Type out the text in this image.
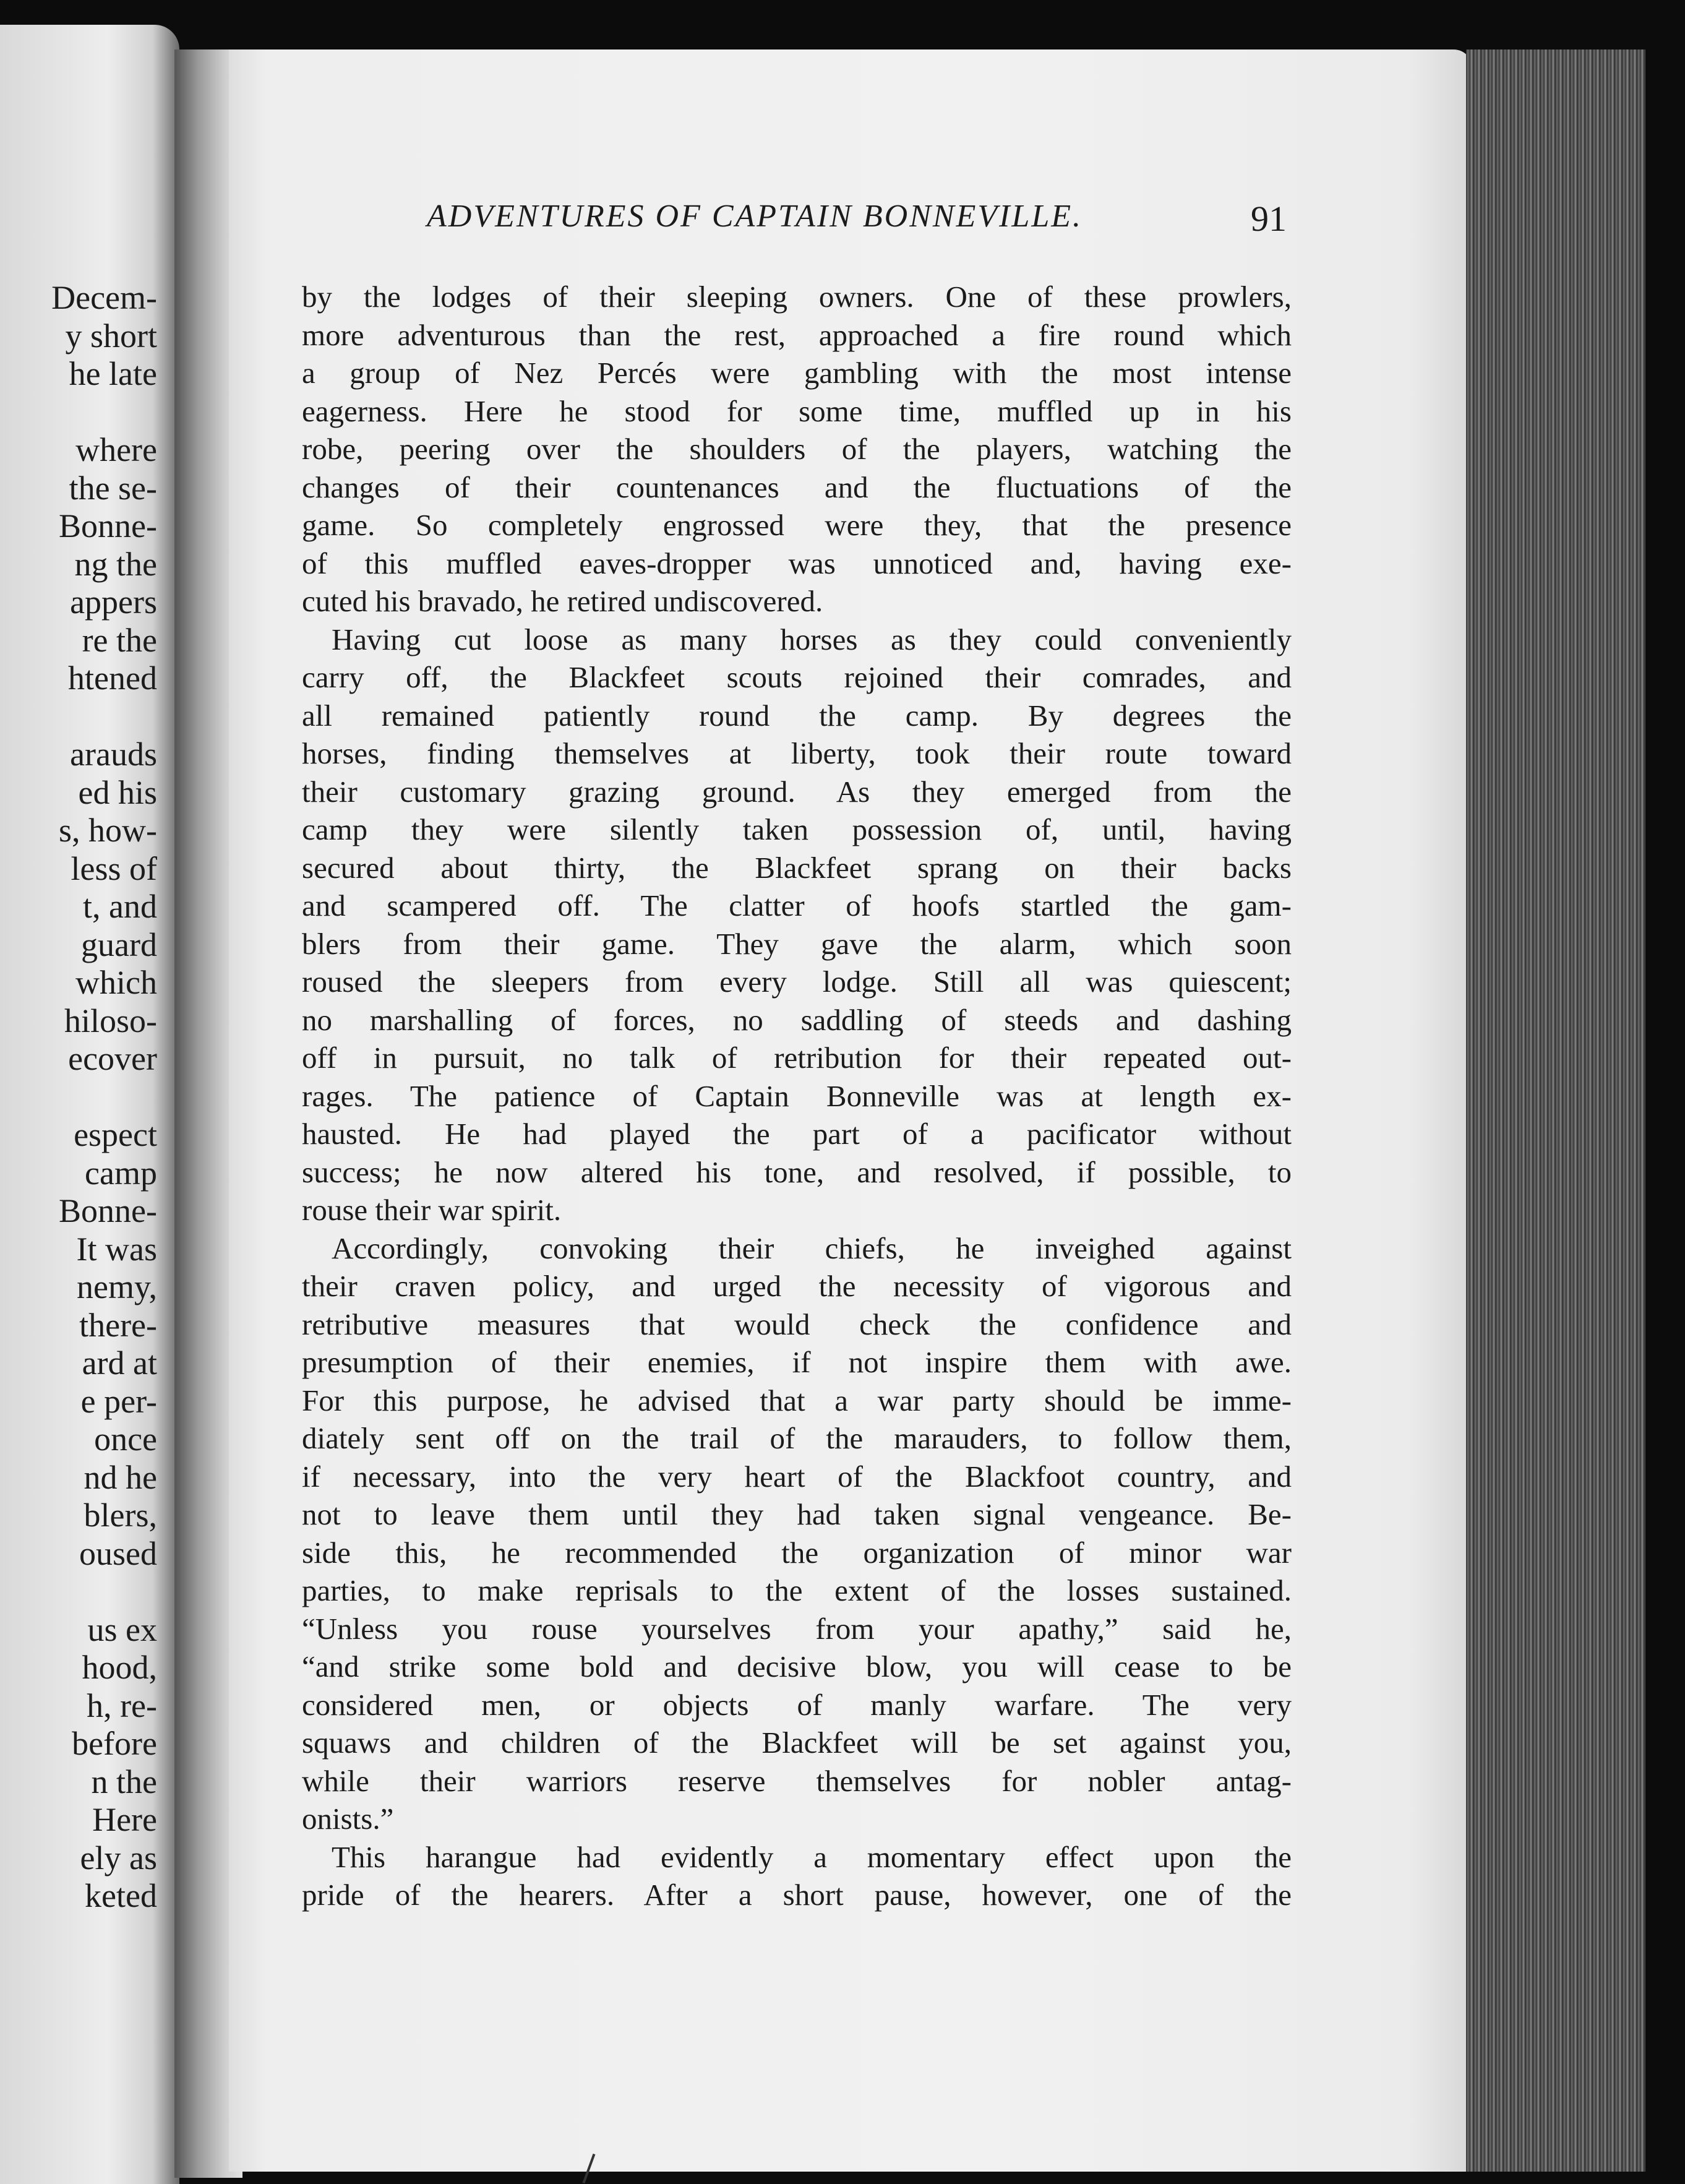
Decem-
y short
he late
where
the se-
Bonne-
ng the
appers
re the
htened
arauds
ed his
s, how-
less of
t, and
guard
which
hiloso-
ecover
espect
camp
Bonne-
It was
nemy,
there-
ard at
e per-
once
nd he
blers,
oused
us ex
hood,
h, re-
before
n the
Here
ely as
keted
ADVENTURES OF CAPTAIN BONNEVILLE.	91
by the lodges of their sleeping owners. One of these prowlers,
more adventurous than the rest, approached a fire round which
a group of Nez Percés were gambling with the most intense
eagerness. Here he stood for some time, muffled up in his
robe, peering over the shoulders of the players, watching the
changes of their countenances and the fluctuations of the
game. So completely engrossed were they, that the presence
of this muffled eaves-dropper was unnoticed and, having exe-
cuted his bravado, he retired undiscovered.
Having cut loose as many horses as they could conveniently
carry off, the Blackfeet scouts rejoined their comrades, and
all remained patiently round the camp. By degrees the
horses, finding themselves at liberty, took their route toward
their customary grazing ground. As they emerged from the
camp they were silently taken possession of, until, having
secured about thirty, the Blackfeet sprang on their backs
and scampered off. The clatter of hoofs startled the gam-
blers from their game. They gave the alarm, which soon
roused the sleepers from every lodge. Still all was quiescent;
no marshalling of forces, no saddling of steeds and dashing
off in pursuit, no talk of retribution for their repeated out-
rages. The patience of Captain Bonneville was at length ex-
hausted. He had played the part of a pacificator without
success; he now altered his tone, and resolved, if possible, to
rouse their war spirit.
Accordingly, convoking their chiefs, he inveighed against
their craven policy, and urged the necessity of vigorous and
retributive measures that would check the confidence and
presumption of their enemies, if not inspire them with awe.
For this purpose, he advised that a war party should be imme-
diately sent off on the trail of the marauders, to follow them,
if necessary, into the very heart of the Blackfoot country, and
not to leave them until they had taken signal vengeance. Be-
side this, he recommended the organization of minor war
parties, to make reprisals to the extent of the losses sustained.
“Unless you rouse yourselves from your apathy,” said he,
“and strike some bold and decisive blow, you will cease to be
considered men, or objects of manly warfare. The very
squaws and children of the Blackfeet will be set against you,
while their warriors reserve themselves for nobler antag-
onists.”
This harangue had evidently a momentary effect upon the
pride of the hearers. After a short pause, however, one of the
